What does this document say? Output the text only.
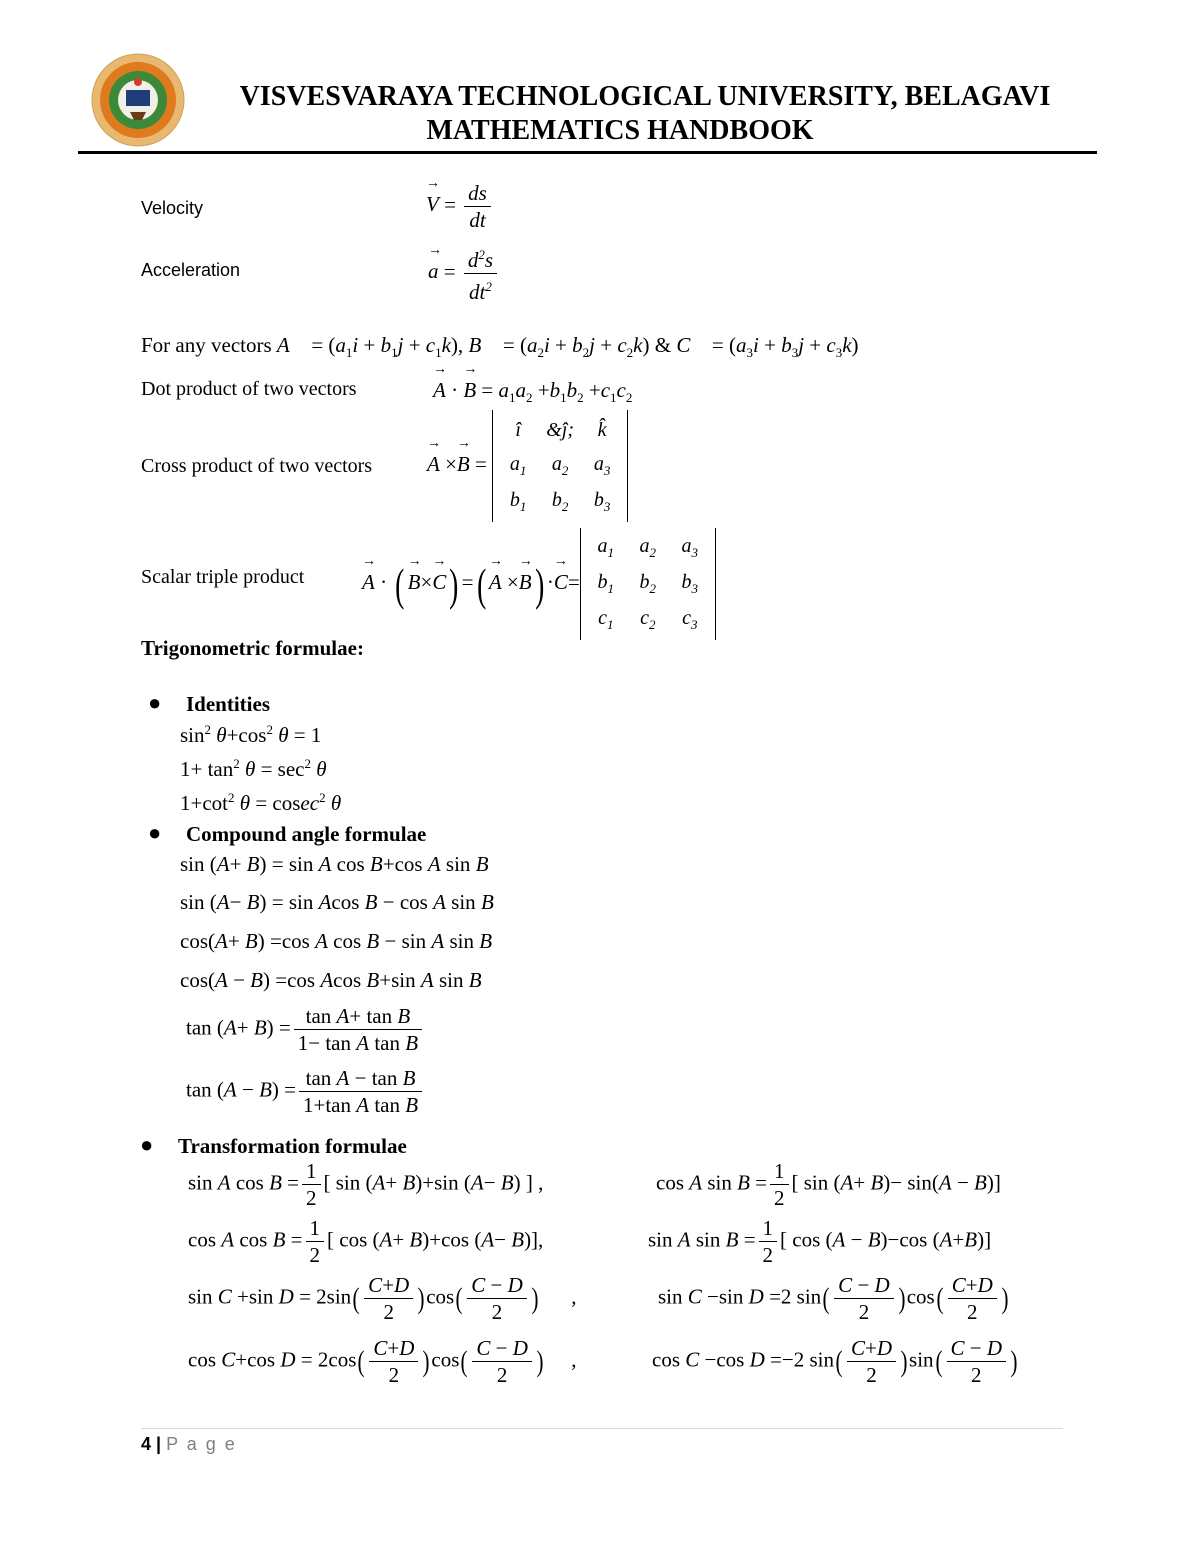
VISVESVARAYA TECHNOLOGICAL UNIVERSITY, BELAGAVI
MATHEMATICS HANDBOOK
Velocity	→ $V = \frac{ds}{dt}$
Acceleration	→ $a = \frac{d^2s}{dt^2}$
For any vectors A⃗ = $(a_1i + b_1j + c_1k)$, B⃗ = $(a_2i + b_2j + c_2k)$ & C⃗ = $(a_3i + b_3j + c_3k)$
Dot product of two vectors	→ A · → $B = a_1a_2 +b_1b_2 +c_1c_2$
Cross product of two vectors	→ A ×→ B =
î	&ĵ;	k̂
$a_1$	$a_2$	$a_3$
$b_1$	$b_2$	$b_3$
Scalar triple product	→ A · ( → B×→ C) =( → A ×→ B) ·→ C=
$a_1$	$a_2$	$a_3$
$b_1$	$b_2$	$b_3$
$c_1$	$c_2$	$c_3$
Trigonometric formulae:
● Identities
$\sin^2 \theta+\cos^2$ θ = 1
$1+ \tan^2 \theta = \sec^2 \theta$
$1+\cot^2$ θ = cosec$^2$ θ
● Compound angle formulae
sin (A+ B) = sin A cos B+cos A sin B
sin (A− B) = sin Acos B − cos A sin B
cos(A+ B) =cos A cos B − sin A sin B
cos(A − B) =cos Acos B+sin A sin B
$\tan (A+ B) = \frac{\text{tan A+ tan B}}{\text{1− tan A tan B}}$
$\tan (A - B) = \frac{\text{tan A − tan B}}{\text{1+tan A tan B}}$
● Transformation formulae
sin A $\cos B = \frac{1}{2}$ [ sin (A+ B)+sin (A− B) ] ,	cos A $\sin B = \frac{1}{2}$ [ sin (A+ B)− sin(A − B)]
cos A $\cos B = \frac{1}{2}$ [ cos (A+ B)+cos (A− B)],	sin A $\sin B = \frac{1}{2}$ [ cos (A − B)−cos (A+B)]
sin C +sin $D = 2\sin( \frac{C+D}{2} )\cos( \frac{C - D}{2}$ )      ,	sin C −sin D =2 $\sin( \frac{C - D}{2} )\cos( \frac{C+D}{2}$ )
cos C+cos $D = 2\cos( \frac{C+D}{2} )\cos( \frac{C - D}{2}$ )     ,	cos C −cos D =−2 $\sin( \frac{C+D}{2} )\sin( \frac{C - D}{2}$ )
4 | P a g e
